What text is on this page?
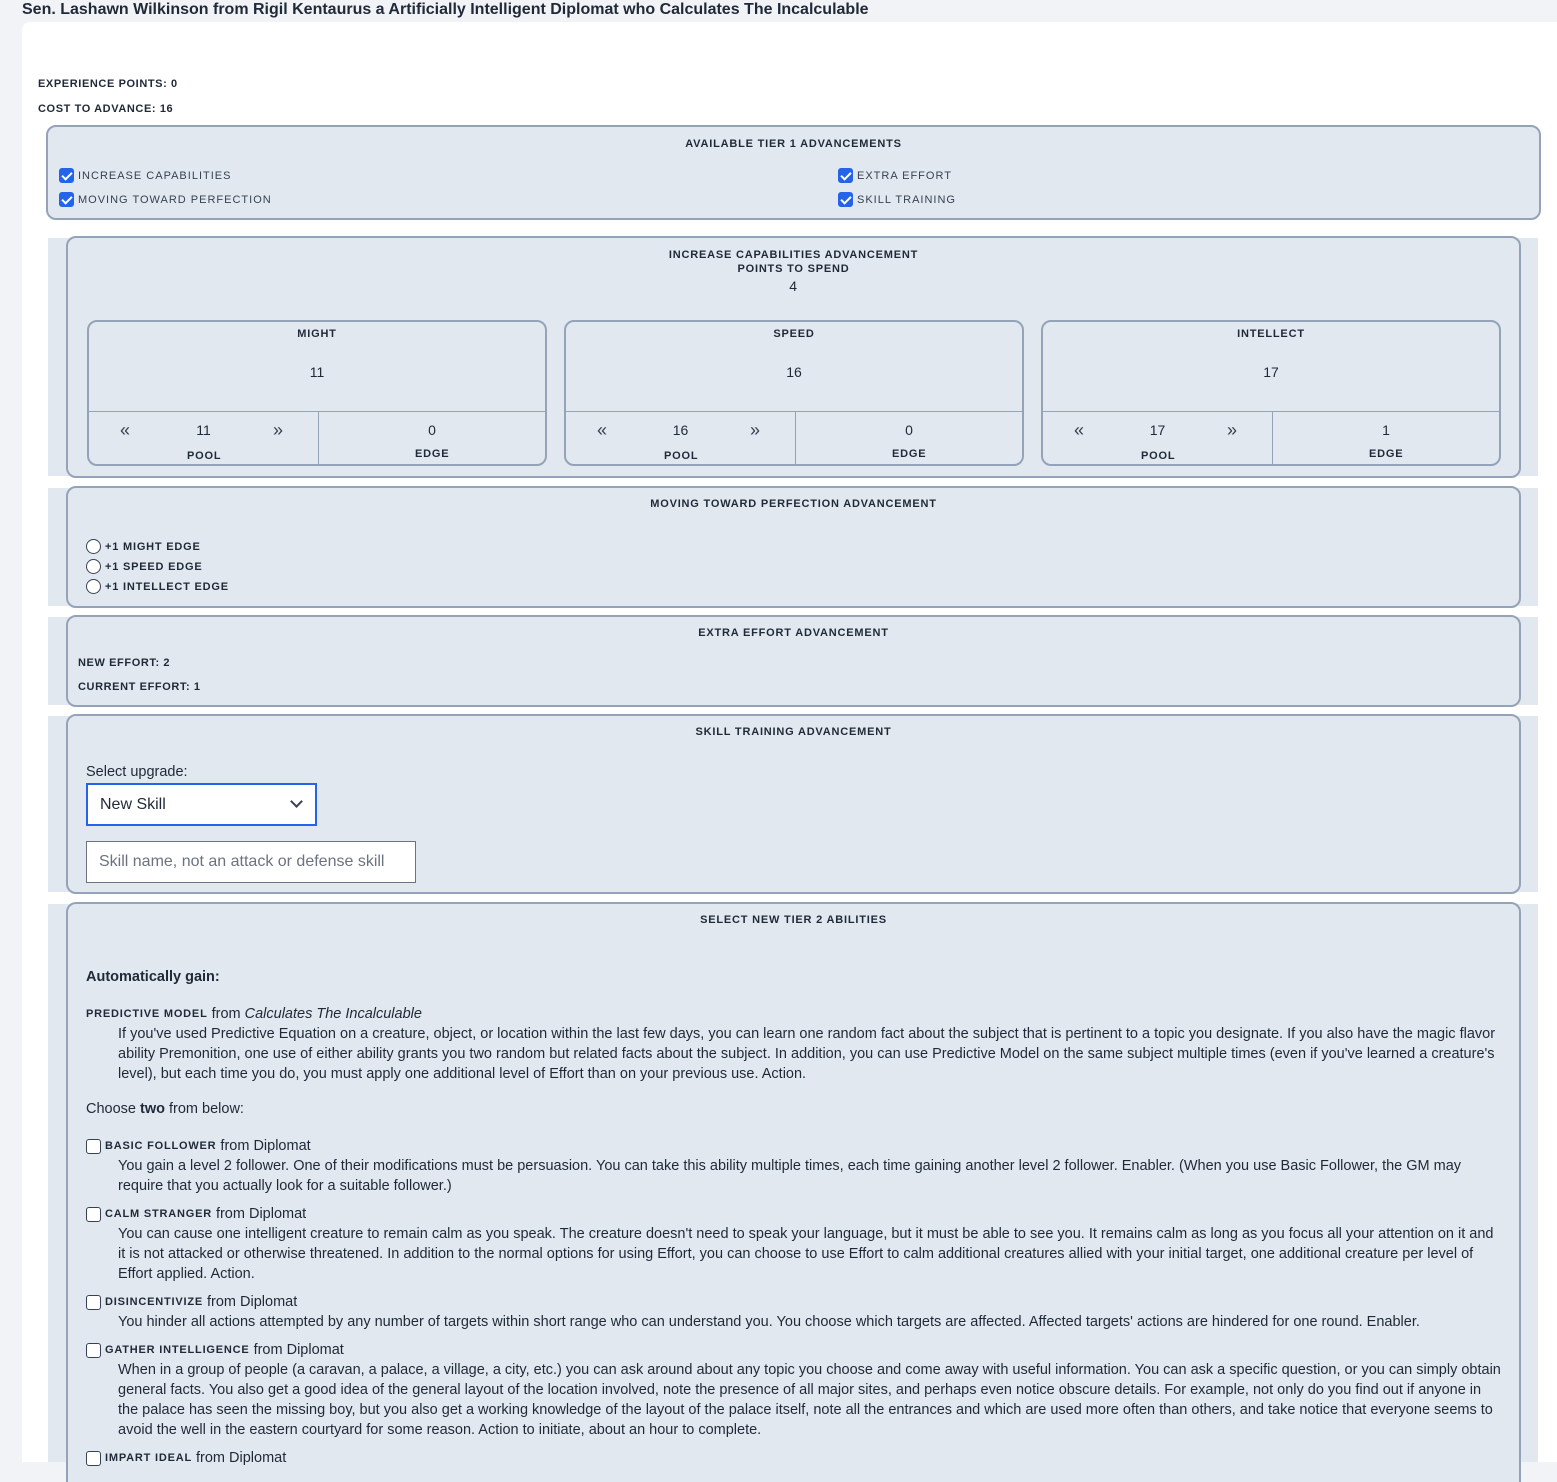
Sen. Lashawn Wilkinson from Rigil Kentaurus a Artificially Intelligent Diplomat who Calculates The Incalculable
EXPERIENCE POINTS: 0
COST TO ADVANCE: 16
AVAILABLE TIER 1 ADVANCEMENTS
INCREASE CAPABILITIES	EXTRA EFFORT
MOVING TOWARD PERFECTION	SKILL TRAINING
INCREASE CAPABILITIES ADVANCEMENT
POINTS TO SPEND
4
MIGHT
11
11
«	»	0
POOL	EDGE
SPEED
16
16
«	»	0
POOL	EDGE
INTELLECT
17
17
«	»	1
POOL	EDGE
MOVING TOWARD PERFECTION ADVANCEMENT
+1 MIGHT EDGE
+1 SPEED EDGE
+1 INTELLECT EDGE
EXTRA EFFORT ADVANCEMENT
NEW EFFORT: 2
CURRENT EFFORT: 1
SKILL TRAINING ADVANCEMENT
Select upgrade:
New Skill
Skill name, not an attack or defense skill
SELECT NEW TIER 2 ABILITIES
Automatically gain:
PREDICTIVE MODEL from
Calculates The Incalculable
If you've used Predictive Equation on a creature, object, or location within the last few days, you can learn one random fact about the subject that is pertinent to a topic you designate. If you also have the magic flavor ability Premonition, one use of either ability grants you two random but related facts about the subject. In addition, you can use Predictive Model on the same subject multiple times (even if you've learned a creature's level), but each time you do, you must apply one additional level of Effort than on your previous use. Action.
Choose two from below:
BASIC FOLLOWER from Diplomat
You gain a level 2 follower. One of their modifications must be persuasion. You can take this ability multiple times, each time gaining another level 2 follower. Enabler. (When you use Basic Follower, the GM may require that you actually look for a suitable follower.)
CALM STRANGER from Diplomat
You can cause one intelligent creature to remain calm as you speak. The creature doesn't need to speak your language, but it must be able to see you. It remains calm as long as you focus all your attention on it and it is not attacked or otherwise threatened. In addition to the normal options for using Effort, you can choose to use Effort to calm additional creatures allied with your initial target, one additional creature per level of Effort applied. Action.
DISINCENTIVIZE from Diplomat
You hinder all actions attempted by any number of targets within short range who can understand you. You choose which targets are affected. Affected targets' actions are hindered for one round. Enabler.
GATHER INTELLIGENCE from Diplomat
When in a group of people (a caravan, a palace, a village, a city, etc.) you can ask around about any topic you choose and come away with useful information. You can ask a specific question, or you can simply obtain general facts. You also get a good idea of the general layout of the location involved, note the presence of all major sites, and perhaps even notice obscure details. For example, not only do you find out if anyone in the palace has seen the missing boy, but you also get a working knowledge of the layout of the palace itself, note all the entrances and which are used more often than others, and take notice that everyone seems to avoid the well in the eastern courtyard for some reason. Action to initiate, about an hour to complete.
IMPART IDEAL from Diplomat
